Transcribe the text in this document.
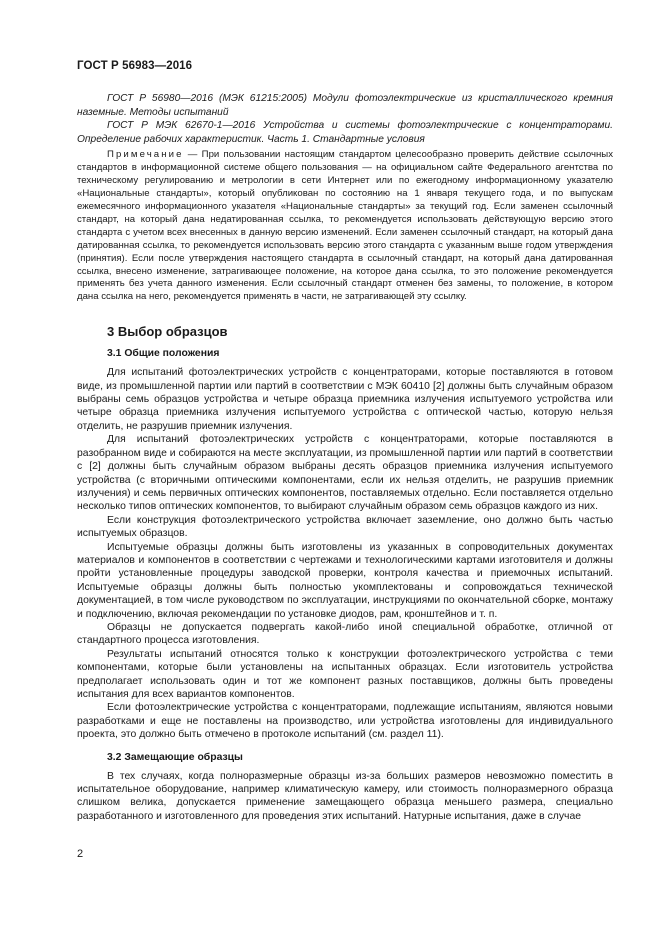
ГОСТ Р 56983—2016

ГОСТ Р 56980—2016 (МЭК 61215:2005) Модули фотоэлектрические из кристаллического кремния наземные. Методы испытаний

ГОСТ Р МЭК 62670-1—2016 Устройства и системы фотоэлектрические с концентраторами. Определение рабочих характеристик. Часть 1. Стандартные условия

Примечание — При пользовании настоящим стандартом целесообразно проверить действие ссылочных стандартов в информационной системе общего пользования — на официальном сайте Федерального агентства по техническому регулированию и метрологии в сети Интернет или по ежегодному информационному указателю «Национальные стандарты», который опубликован по состоянию на 1 января текущего года, и по выпускам ежемесячного информационного указателя «Национальные стандарты» за текущий год. Если заменен ссылочный стандарт, на который дана недатированная ссылка, то рекомендуется использовать действующую версию этого стандарта с учетом всех внесенных в данную версию изменений. Если заменен ссылочный стандарт, на который дана датированная ссылка, то рекомендуется использовать версию этого стандарта с указанным выше годом утверждения (принятия). Если после утверждения настоящего стандарта в ссылочный стандарт, на который дана датированная ссылка, внесено изменение, затрагивающее положение, на которое дана ссылка, то это положение рекомендуется применять без учета данного изменения. Если ссылочный стандарт отменен без замены, то положение, в котором дана ссылка на него, рекомендуется применять в части, не затрагивающей эту ссылку.

3 Выбор образцов
3.1 Общие положения

Для испытаний фотоэлектрических устройств с концентраторами, которые поставляются в готовом виде, из промышленной партии или партий в соответствии с МЭК 60410 [2] должны быть случайным образом выбраны семь образцов устройства и четыре образца приемника излучения испытуемого устройства или четыре образца приемника излучения испытуемого устройства с оптической частью, которую нельзя отделить, не разрушив приемник излучения.

Для испытаний фотоэлектрических устройств с концентраторами, которые поставляются в разобранном виде и собираются на месте эксплуатации, из промышленной партии или партий в соответствии с [2] должны быть случайным образом выбраны десять образцов приемника излучения испытуемого устройства (с вторичными оптическими компонентами, если их нельзя отделить, не разрушив приемник излучения) и семь первичных оптических компонентов, поставляемых отдельно. Если поставляется отдельно несколько типов оптических компонентов, то выбирают случайным образом семь образцов каждого из них.

Если конструкция фотоэлектрического устройства включает заземление, оно должно быть частью испытуемых образцов.

Испытуемые образцы должны быть изготовлены из указанных в сопроводительных документах материалов и компонентов в соответствии с чертежами и технологическими картами изготовителя и должны пройти установленные процедуры заводской проверки, контроля качества и приемочных испытаний. Испытуемые образцы должны быть полностью укомплектованы и сопровождаться технической документацией, в том числе руководством по эксплуатации, инструкциями по окончательной сборке, монтажу и подключению, включая рекомендации по установке диодов, рам, кронштейнов и т. п.

Образцы не допускается подвергать какой-либо иной специальной обработке, отличной от стандартного процесса изготовления.

Результаты испытаний относятся только к конструкции фотоэлектрического устройства с теми компонентами, которые были установлены на испытанных образцах. Если изготовитель устройства предполагает использовать один и тот же компонент разных поставщиков, должны быть проведены испытания для всех вариантов компонентов.

Если фотоэлектрические устройства с концентраторами, подлежащие испытаниям, являются новыми разработками и еще не поставлены на производство, или устройства изготовлены для индивидуального проекта, это должно быть отмечено в протоколе испытаний (см. раздел 11).

3.2 Замещающие образцы

В тех случаях, когда полноразмерные образцы из-за больших размеров невозможно поместить в испытательное оборудование, например климатическую камеру, или стоимость полноразмерного образца слишком велика, допускается применение замещающего образца меньшего размера, специально разработанного и изготовленного для проведения этих испытаний. Натурные испытания, даже в случае

2
